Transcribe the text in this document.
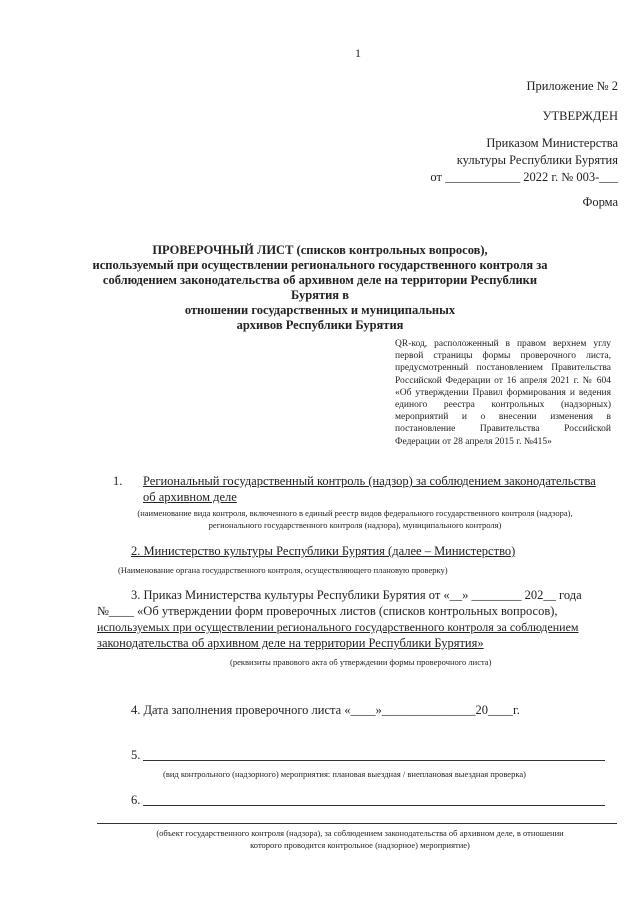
1
Приложение № 2
УТВЕРЖДЕН
Приказом Министерства
культуры Республики Бурятия
от ____________ 2022 г. № 003-___
Форма
ПРОВЕРОЧНЫЙ ЛИСТ (списков контрольных вопросов),
используемый при осуществлении регионального государственного контроля за
соблюдением законодательства об архивном деле на территории Республики Бурятия в
отношении государственных и муниципальных
архивов Республики Бурятия
QR-код, расположенный в правом верхнем углу первой страницы формы проверочного листа, предусмотренный постановлением Правительства Российской Федерации от 16 апреля 2021 г. № 604 «Об утверждении Правил формирования и ведения единого реестра контрольных (надзорных) мероприятий и о внесении изменения в постановление Правительства Российской Федерации от 28 апреля 2015 г. №415»
1. Региональный государственный контроль (надзор) за соблюдением законодательства
об архивном деле
(наименование вида контроля, включенного в единый реестр видов федерального государственного контроля (надзора),
регионального государственного контроля (надзора), муниципального контроля)
2. Министерство культуры Республики Бурятия (далее – Министерство)
(Наименование органа государственного контроля, осуществляющего плановую проверку)
3. Приказ Министерства культуры Республики Бурятия от «__» ________ 202__ года
№____ «Об утверждении форм проверочных листов (списков контрольных вопросов),
используемых при осуществлении регионального государственного контроля за соблюдением
законодательства об архивном деле на территории Республики Бурятия»
(реквизиты правового акта об утверждении формы проверочного листа)
4. Дата заполнения проверочного листа «____»_______________20____г.
5.
(вид контрольного (надзорного) мероприятия: плановая выездная / внеплановая выездная проверка)
6.
(объект государственного контроля (надзора), за соблюдением законодательства об архивном деле, в отношении
которого проводится контрольное (надзорное) мероприятие)
